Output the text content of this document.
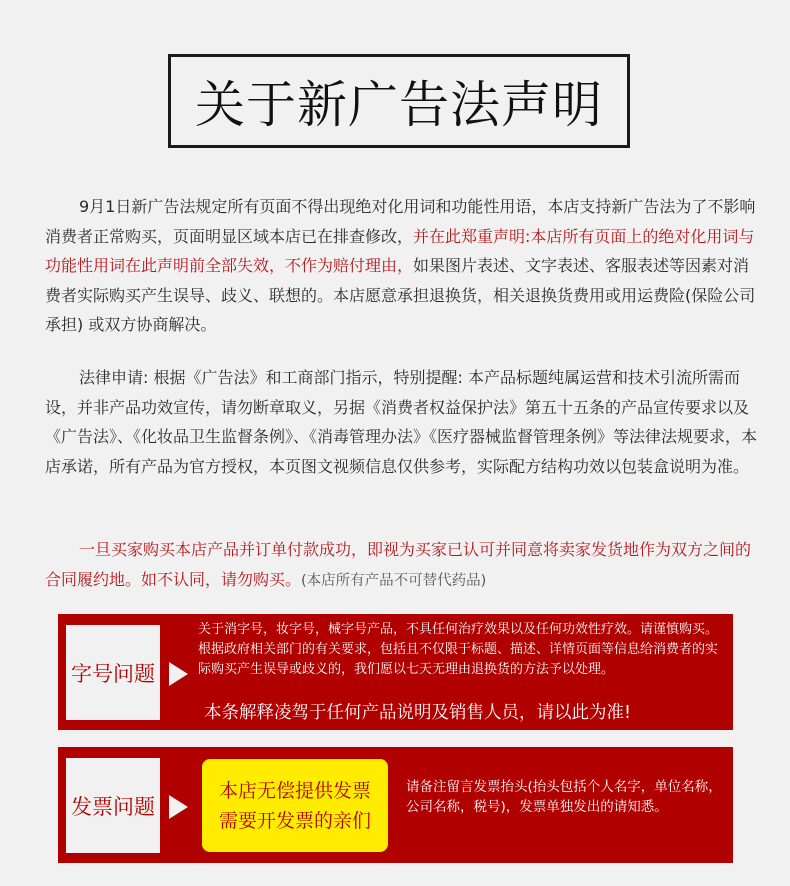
关于新广告法声明

9月1日新广告法规定所有页面不得出现绝对化用词和功能性用语，本店支持新广告法为了不影响消费者正常购买，页面明显区域本店已在排查修改，并在此郑重声明:本店所有页面上的绝对化用词与功能性用词在此声明前全部失效，不作为赔付理由，如果图片表述、文字表述、客服表述等因素对消费者实际购买产生误导、歧义、联想的。本店愿意承担退换货，相关退换货费用或用运费险(保险公司承担) 或双方协商解决。

法律申请: 根据《广告法》和工商部门指示，特别提醒: 本产品标题纯属运营和技术引流所需而设，并非产品功效宣传，请勿断章取义，另据《消费者权益保护法》第五十五条的产品宣传要求以及《广告法》、《化妆品卫生监督条例》、《消毒管理办法》《医疗器械监督管理条例》等法律法规要求，本店承诺，所有产品为官方授权，本页图文视频信息仅供参考，实际配方结构功效以包装盒说明为准。

一旦买家购买本店产品并订单付款成功，即视为买家已认可并同意将卖家发货地作为双方之间的合同履约地。如不认同，请勿购买。(本店所有产品不可替代药品)

字号问题
关于消字号，妆字号，械字号产品，不具任何治疗效果以及任何功效性疗效。请谨慎购买。根据政府相关部门的有关要求，包括且不仅限于标题、描述、详情页面等信息给消费者的实际购买产生误导或歧义的，我们愿以七天无理由退换货的方法予以处理。
本条解释凌驾于任何产品说明及销售人员，请以此为准!
发票问题
本店无偿提供发票
需要开发票的亲们
请备注留言发票抬头(抬头包括个人名字，单位名称，公司名称，税号)，发票单独发出的请知悉。
